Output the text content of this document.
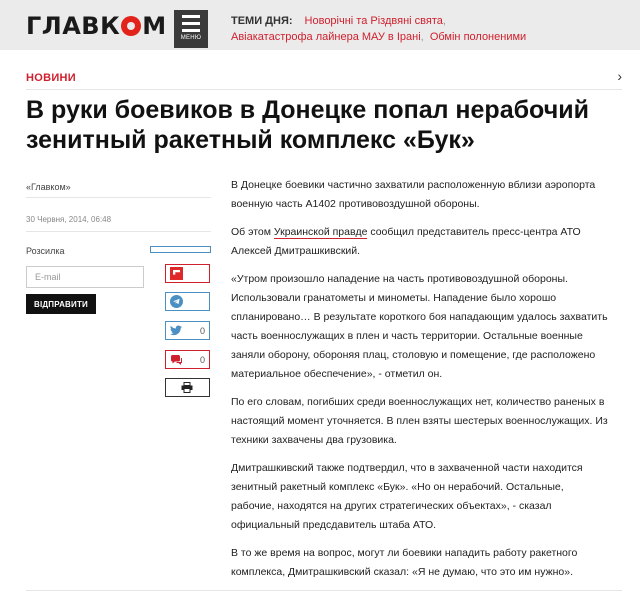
ГЛАВК М МЕНЮ
ТЕМИ ДНЯ: Новорічні та Різдвяні свята,
Авіакатастрофа лайнера МАУ в Ірані,  Обмін полоненими
НОВИНИ	›
В руки боевиков в Донецке попал нерабочий зенитный ракетный комплекс «Бук»
«Главком»
30 Червня, 2014, 06:48
Розсилка
E-mail
ВІДПРАВИТИ
0
0

В Донецке боевики частично захватили расположенную вблизи аэропорта военную часть А1402 противовоздушной обороны.

Об этом Украинской правде сообщил представитель пресс-центра АТО Алексей Дмитрашкивский.

«Утром произошло нападение на часть противовоздушной обороны. Использовали гранатометы и минометы. Нападение было хорошо спланировано… В результате короткого боя нападающим удалось захватить часть военнослужащих в плен и часть территории. Остальные военные заняли оборону, обороняя плац, столовую и помещение, где расположено материальное обеспечение», - отметил он.

По его словам, погибших среди военнослужащих нет, количество раненых в настоящий момент уточняется. В плен взяты шестерых военнослужащих. Из техники захвачены два грузовика.

Дмитрашкивский также подтвердил, что в захваченной части находится зенитный ракетный комплекс «Бук». «Но он нерабочий. Остальные, рабочие, находятся на других стратегических объектах», - сказал официальный предсдавитель штаба АТО.

В то же время на вопрос, могут ли боевики нападить работу ракетного комплекса, Дмитрашкивский сказал: «Я не думаю, что это им нужно».
